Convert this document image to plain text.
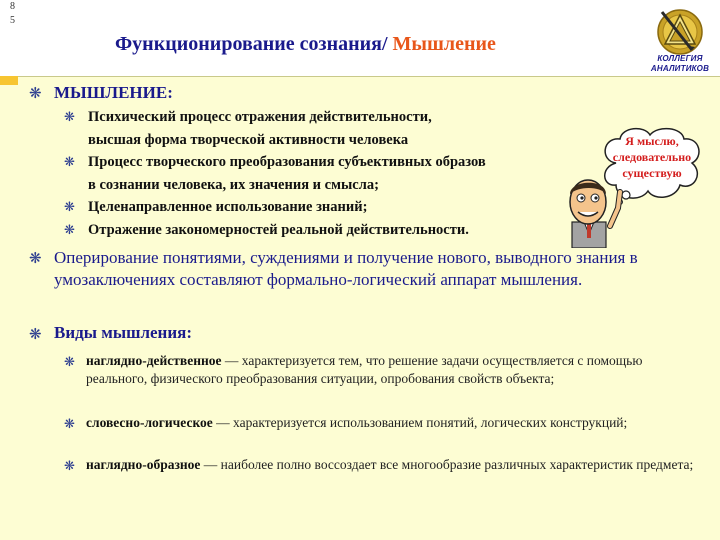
8
5
Функционирование сознания/ Мышление
КОЛЛЕГИЯ
АНАЛИТИКОВ
❋ МЫШЛЕНИЕ:
❋ Психический процесс отражения действительности,
высшая форма творческой активности человека
❋ Процесс творческого преобразования субъективных образов
в сознании человека, их значения и смысла;
❋ Целенаправленное использование знаний;
❋ Отражение закономерностей реальной действительности.
Я мыслю,
следовательно
существую
❋ Оперирование понятиями, суждениями и получение нового, выводного знания в умозаключениях составляют формально-логический аппарат мышления.
❋ Виды мышления:
❋ наглядно-действенное — характеризуется тем, что решение задачи осуществляется с помощью реального, физического преобразования ситуации, опробования свойств объекта;
❋ словесно-логическое — характеризуется использованием понятий, логических конструкций;
❋ наглядно-образное — наиболее полно воссоздает все многообразие различных характеристик предмета;
